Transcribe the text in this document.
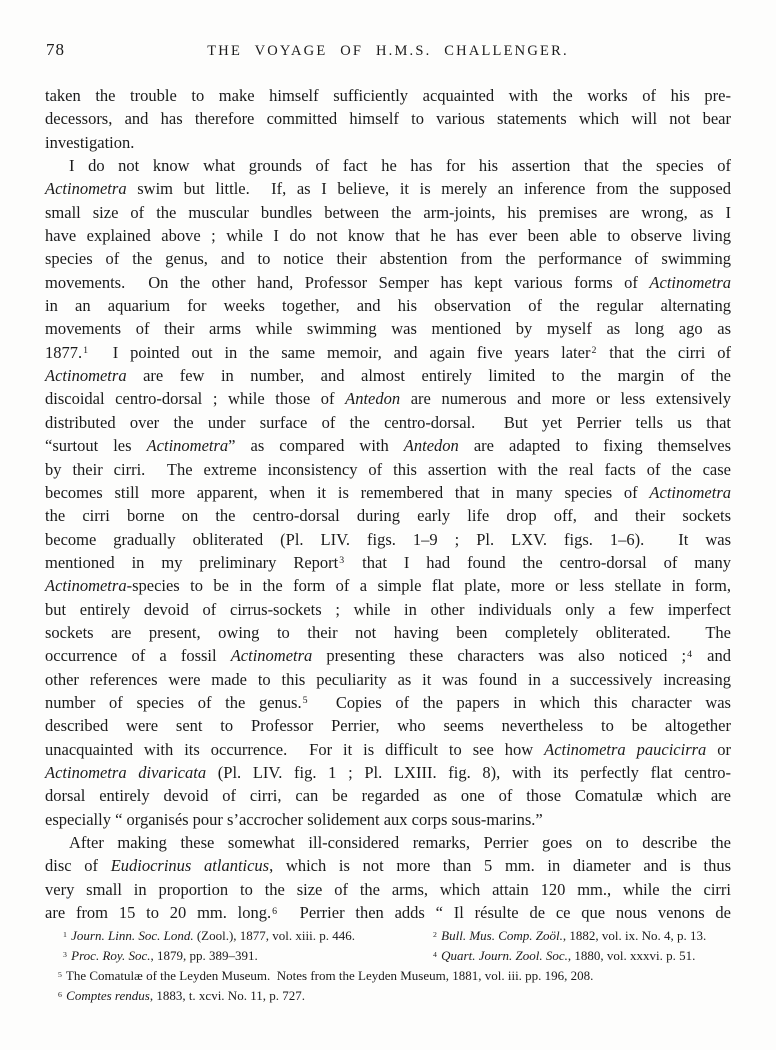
78	THE VOYAGE OF H.M.S. CHALLENGER.
taken the trouble to make himself sufficiently acquainted with the works of his pre-
decessors, and has therefore committed himself to various statements which will not bear
investigation.
I do not know what grounds of fact he has for his assertion that the species of
Actinometra swim but little.  If, as I believe, it is merely an inference from the supposed
small size of the muscular bundles between the arm-joints, his premises are wrong, as I
have explained above ; while I do not know that he has ever been able to observe living
species of the genus, and to notice their abstention from the performance of swimming
movements.  On the other hand, Professor Semper has kept various forms of Actinometra
in an aquarium for weeks together, and his observation of the regular alternating
movements of their arms while swimming was mentioned by myself as long ago as
1877.$^1$  I pointed out in the same memoir, and again five years later$^2$ that the cirri of
Actinometra are few in number, and almost entirely limited to the margin of the
discoidal centro-dorsal ; while those of Antedon are numerous and more or less extensively
distributed over the under surface of the centro-dorsal.  But yet Perrier tells us that
“surtout les Actinometra” as compared with Antedon are adapted to fixing themselves
by their cirri.  The extreme inconsistency of this assertion with the real facts of the case
becomes still more apparent, when it is remembered that in many species of Actinometra
the cirri borne on the centro-dorsal during early life drop off, and their sockets
become gradually obliterated (Pl. LIV. figs. 1–9 ; Pl. LXV. figs. 1–6).  It was
mentioned in my preliminary Report$^3$ that I had found the centro-dorsal of many
Actinometra-species to be in the form of a simple flat plate, more or less stellate in form,
but entirely devoid of cirrus-sockets ; while in other individuals only a few imperfect
sockets are present, owing to their not having been completely obliterated.  The
occurrence of a fossil Actinometra presenting these characters was also noticed ;$^4$ and
other references were made to this peculiarity as it was found in a successively increasing
number of species of the genus.$^5$  Copies of the papers in which this character was
described were sent to Professor Perrier, who seems nevertheless to be altogether
unacquainted with its occurrence.  For it is difficult to see how Actinometra paucicirra or
Actinometra divaricata (Pl. LIV. fig. 1 ; Pl. LXIII. fig. 8), with its perfectly flat centro-
dorsal entirely devoid of cirri, can be regarded as one of those Comatulæ which are
especially “ organisés pour s’accrocher solidement aux corps sous-marins.”
After making these somewhat ill-considered remarks, Perrier goes on to describe the
disc of Eudiocrinus atlanticus, which is not more than 5 mm. in diameter and is thus
very small in proportion to the size of the arms, which attain 120 mm., while the cirri
are from 15 to 20 mm. long.$^6$  Perrier then adds “ Il résulte de ce que nous venons de
$^1$ Journ. Linn. Soc. Lond. (Zool.), 1877, vol. xiii. p. 446.	$^2$ Bull. Mus. Comp. Zoöl., 1882, vol. ix. No. 4, p. 13.
$^3$ Proc. Roy. Soc., 1879, pp. 389–391.	$^4$ Quart. Journ. Zool. Soc., 1880, vol. xxxvi. p. 51.
$^5$ The Comatulæ of the Leyden Museum.  Notes from the Leyden Museum, 1881, vol. iii. pp. 196, 208.
$^6$ Comptes rendus, 1883, t. xcvi. No. 11, p. 727.
